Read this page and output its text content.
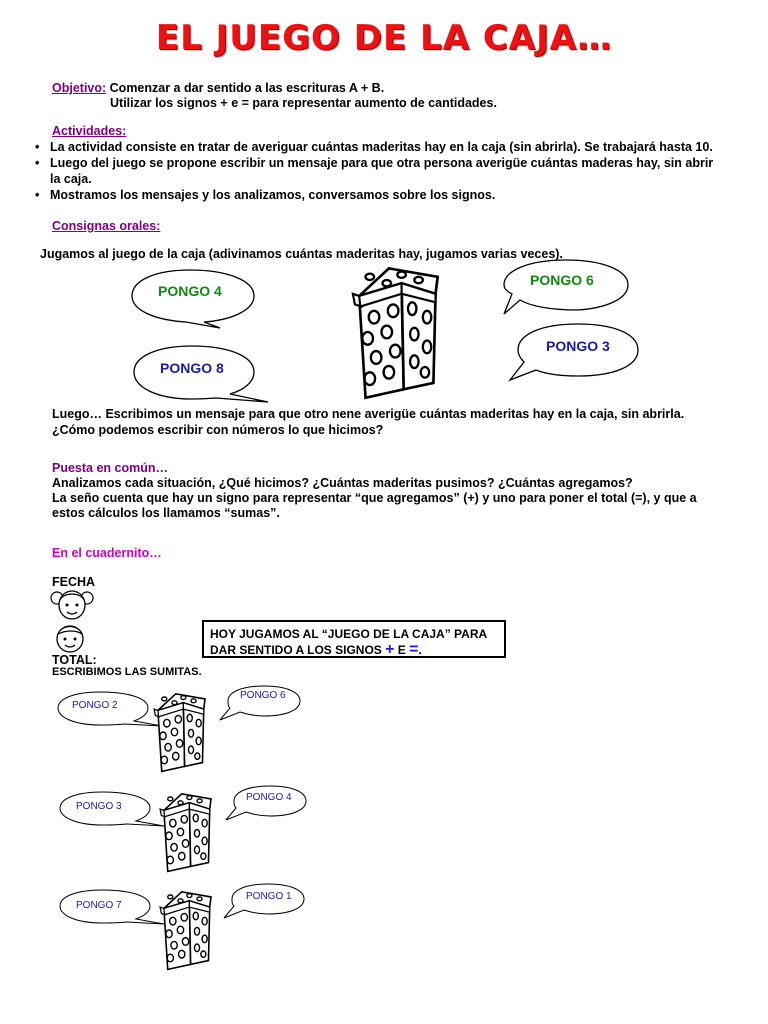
EL JUEGO DE LA CAJA…
Objetivo: Comenzar a dar sentido a las escrituras A + B.
Utilizar los signos + e = para representar aumento de cantidades.
Actividades:
• La actividad consiste en tratar de averiguar cuántas maderitas hay en la caja (sin abrirla). Se trabajará hasta 10.
• Luego del juego se propone escribir un mensaje para que otra persona averigüe cuántas maderas hay, sin abrir
la caja.
• Mostramos los mensajes y los analizamos, conversamos sobre los signos.
Consignas orales:
Jugamos al juego de la caja (adivinamos cuántas maderitas hay, jugamos varias veces).
PONGO 4
PONGO 6
PONGO 8
PONGO 3
Luego… Escribimos un mensaje para que otro nene averigüe cuántas maderitas hay en la caja, sin abrirla.
¿Cómo podemos escribir con números lo que hicimos?
Puesta en común…
Analizamos cada situación, ¿Qué hicimos? ¿Cuántas maderitas pusimos? ¿Cuántas agregamos?
La seño cuenta que hay un signo para representar “que agregamos” (+) y uno para poner el total (=), y que a
estos cálculos los llamamos “sumas”.
En el cuadernito…
FECHA
TOTAL:
ESCRIBIMOS LAS SUMITAS.
HOY JUGAMOS AL “JUEGO DE LA CAJA” PARA
DAR SENTIDO A LOS SIGNOS + E =.
PONGO 2
PONGO 6
PONGO 3
PONGO 4
PONGO 7
PONGO 1
